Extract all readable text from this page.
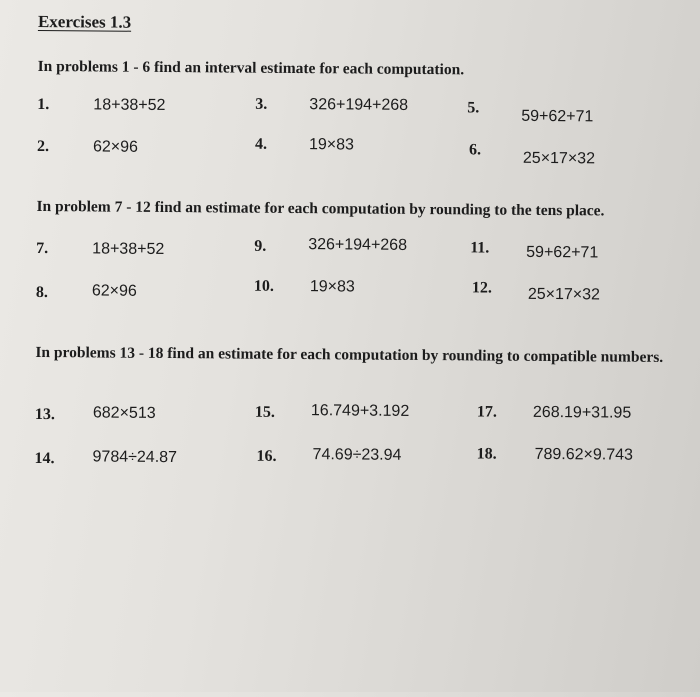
Exercises 1.3
In problems 1 - 6 find an interval estimate for each computation.
1.	18+38+52	3.	326+194+268	5.	59+62+71
2.	62×96	4.	19×83	6.	25×17×32
In problem 7 - 12 find an estimate for each computation by rounding to the tens place.
7.	18+38+52	9.	326+194+268	11. 59+62+71
8.	62×96	10. 19×83	12. 25×17×32
In problems 13 - 18 find an estimate for each computation by rounding to compatible numbers.
13. 682×513	15. 16.749+3.192	17. 268.19+31.95
14. 9784÷24.87	16. 74.69÷23.94	18. 789.62×9.743
